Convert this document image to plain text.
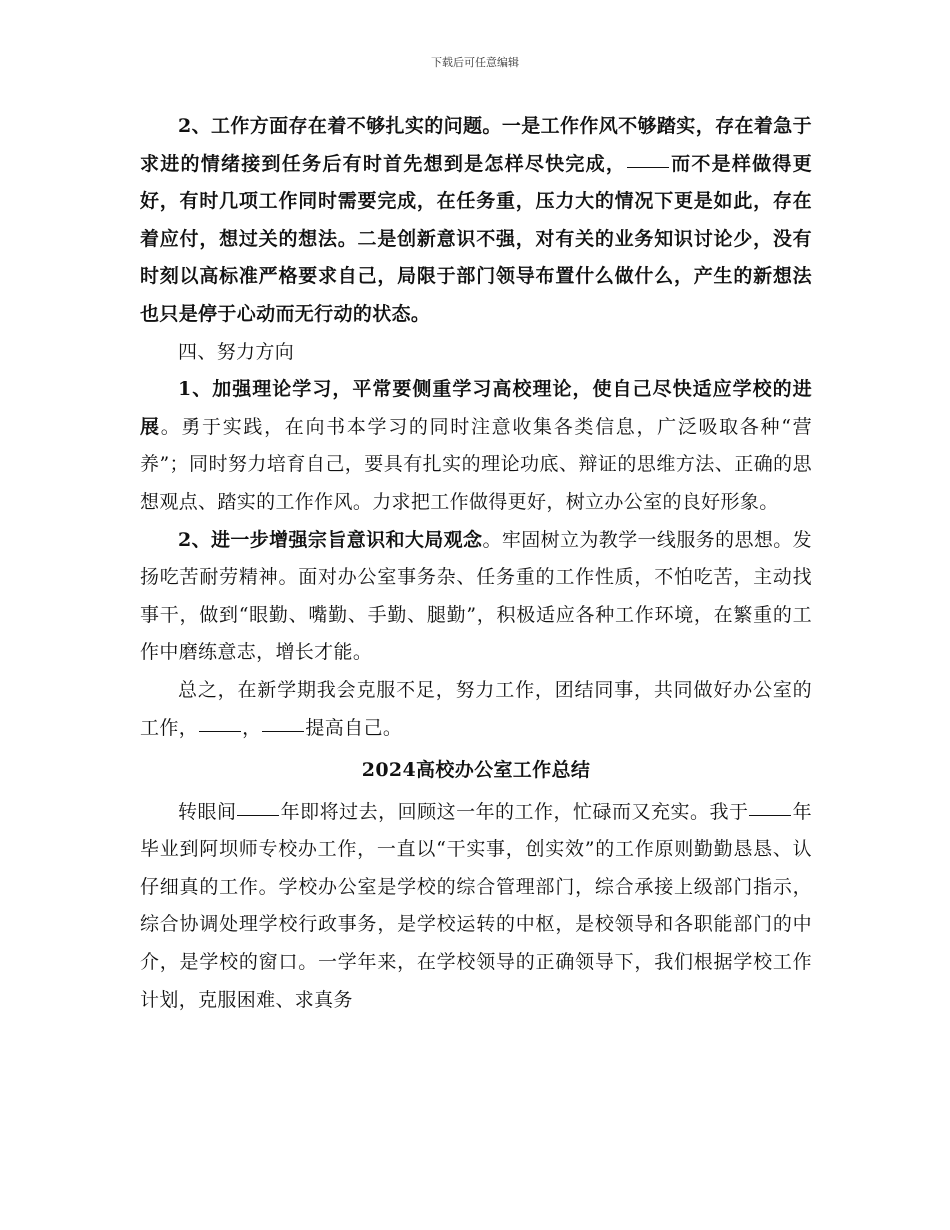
下载后可任意编辑

2、工作方面存在着不够扎实的问题。一是工作作风不够踏实，存在着急于求进的情绪接到任务后有时首先想到是怎样尽快完成， 而不是样做得更好，有时几项工作同时需要完成，在任务重，压力大的情况下更是如此，存在着应付，想过关的想法。二是创新意识不强，对有关的业务知识讨论少，没有时刻以高标准严格要求自己，局限于部门领导布置什么做什么，产生的新想法也只是停于心动而无行动的状态。

四、努力方向

1、加强理论学习，平常要侧重学习高校理论，使自己尽快适应学校的进展。勇于实践，在向书本学习的同时注意收集各类信息，广泛吸取各种“营养”；同时努力培育自己，要具有扎实的理论功底、辩证的思维方法、正确的思想观点、踏实的工作作风。力求把工作做得更好，树立办公室的良好形象。

2、进一步增强宗旨意识和大局观念。牢固树立为教学一线服务的思想。发扬吃苦耐劳精神。面对办公室事务杂、任务重的工作性质，不怕吃苦，主动找事干，做到“眼勤、嘴勤、手勤、腿勤”，积极适应各种工作环境，在繁重的工作中磨练意志，增长才能。

总之，在新学期我会克服不足，努力工作，团结同事，共同做好办公室的工作， ， 提高自己。

2024高校办公室工作总结

转眼间 年即将过去，回顾这一年的工作，忙碌而又充实。我于 年毕业到阿坝师专校办工作，一直以“干实事，创实效”的工作原则勤勤恳恳、认仔细真的工作。学校办公室是学校的综合管理部门，综合承接上级部门指示，综合协调处理学校行政事务，是学校运转的中枢，是校领导和各职能部门的中介，是学校的窗口。一学年来，在学校领导的正确领导下，我们根据学校工作计划，克服困难、求真务
